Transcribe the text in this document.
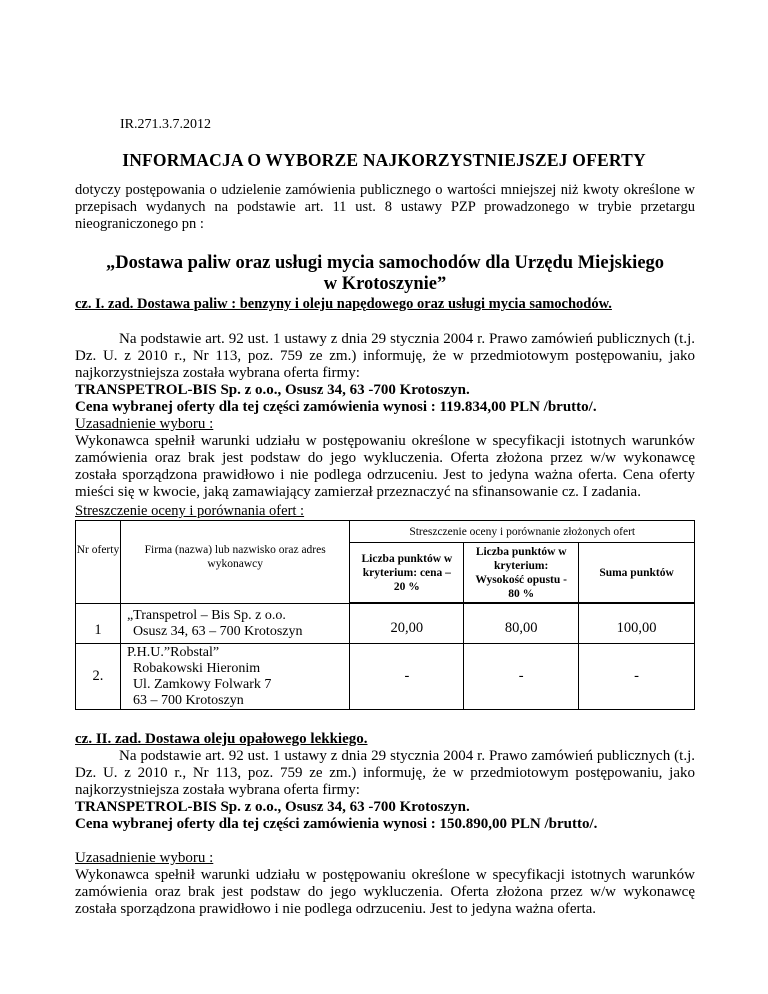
IR.271.3.7.2012
INFORMACJA O WYBORZE NAJKORZYSTNIEJSZEJ OFERTY
dotyczy postępowania o udzielenie zamówienia publicznego o wartości mniejszej niż kwoty określone w przepisach wydanych na podstawie art. 11 ust. 8 ustawy PZP prowadzonego w trybie przetargu nieograniczonego pn :
„Dostawa paliw oraz usługi mycia samochodów dla Urzędu Miejskiego
w Krotoszynie”
cz. I. zad. Dostawa paliw : benzyny i oleju napędowego oraz usługi mycia samochodów.
Na podstawie art. 92 ust. 1 ustawy z dnia 29 stycznia 2004 r. Prawo zamówień publicznych (t.j. Dz. U. z 2010 r., Nr 113, poz. 759 ze zm.) informuję, że w przedmiotowym postępowaniu, jako najkorzystniejsza została wybrana oferta firmy:
TRANSPETROL-BIS Sp. z o.o., Osusz 34, 63 -700 Krotoszyn.
Cena wybranej oferty dla tej części zamówienia wynosi : 119.834,00 PLN /brutto/.
Uzasadnienie wyboru :
Wykonawca spełnił warunki udziału w postępowaniu określone w specyfikacji istotnych warunków zamówienia oraz brak jest podstaw do jego wykluczenia. Oferta złożona przez w/w wykonawcę została sporządzona prawidłowo i nie podlega odrzuceniu. Jest to jedyna ważna oferta. Cena oferty mieści się w kwocie, jaką zamawiający zamierzał przeznaczyć na sfinansowanie cz. I zadania.
Streszczenie oceny i porównania ofert :
Nr oferty	Firma (nazwa) lub nazwisko oraz adres wykonawcy	Streszczenie oceny i porównanie złożonych ofert		
		Liczba punktów w kryterium: cena – 20 %	Liczba punktów w kryterium: Wysokość opustu - 80 %	Suma punktów

1	„Transpetrol – Bis Sp. z o.o.
Osusz 34, 63 – 700 Krotoszyn	20,00	80,00	100,00
2.	P.H.U.”Robstal”
Robakowski Hieronim
Ul. Zamkowy Folwark 7
63 – 700 Krotoszyn	-	-	-
cz. II. zad. Dostawa oleju opałowego lekkiego.
Na podstawie art. 92 ust. 1 ustawy z dnia 29 stycznia 2004 r. Prawo zamówień publicznych (t.j. Dz. U. z 2010 r., Nr 113, poz. 759 ze zm.) informuję, że w przedmiotowym postępowaniu, jako najkorzystniejsza została wybrana oferta firmy:
TRANSPETROL-BIS Sp. z o.o., Osusz 34, 63 -700 Krotoszyn.
Cena wybranej oferty dla tej części zamówienia wynosi : 150.890,00 PLN /brutto/.
Uzasadnienie wyboru :
Wykonawca spełnił warunki udziału w postępowaniu określone w specyfikacji istotnych warunków zamówienia oraz brak jest podstaw do jego wykluczenia. Oferta złożona przez w/w wykonawcę została sporządzona prawidłowo i nie podlega odrzuceniu. Jest to jedyna ważna oferta.
